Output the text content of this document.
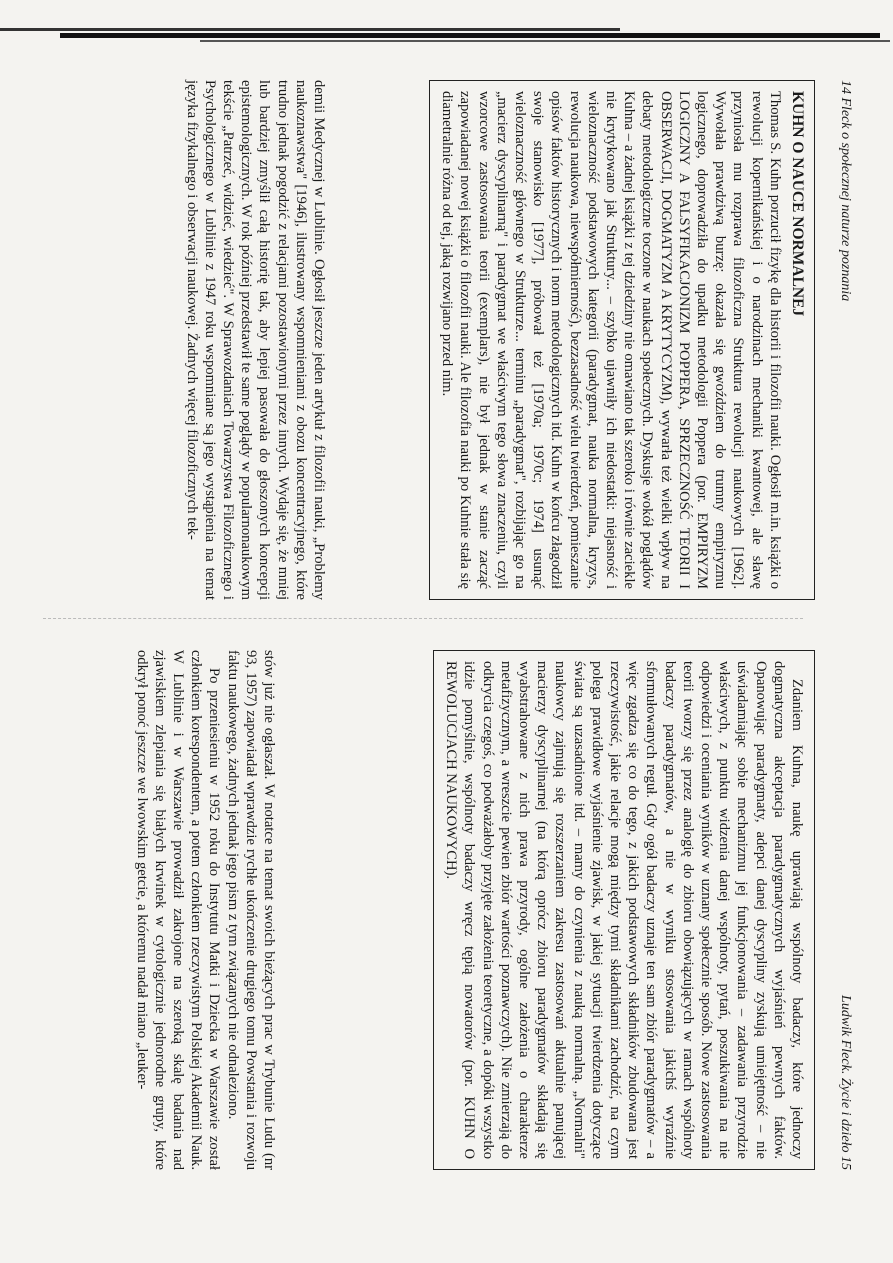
14 Fleck o społecznej naturze poznania
KUHN O NAUCE NORMALNEJ

Thomas S. Kuhn porzucił fizykę dla historii i filozofii nauki. Ogłosił m.in. książki o rewolucji kopernikańskiej i o narodzinach mechaniki kwantowej, ale sławę przyniosła mu rozprawa filozoficzna Struktura rewolucji naukowych [1962]. Wywołała prawdziwą burzę: okazała się gwoździem do trumny empiryzmu logicznego, doprowadziła do upadku metodologii Poppera (por. EMPIRYZM LOGICZNY A FALSYFIKACJONIZM POPPERA, SPRZECZNOŚĆ TEORII I OBSERWACJI, DOGMATYZM A KRYTYCYZM), wywarła też wielki wpływ na debaty metodologiczne toczone w naukach społecznych. Dyskusje wokół poglądów Kuhna – a żadnej książki z tej dziedziny nie omawiano tak szeroko i równie zaciekle nie krytykowano jak Struktury... – szybko ujawniły ich niedostatki: niejasność i wieloznaczność podstawowych kategorii (paradygmat, nauka normalna, kryzys, rewolucja naukowa, niewspółmierność), bezzasadność wielu twierdzeń, pomieszanie opisów faktów historycznych i norm metodologicznych itd. Kuhn w końcu złagodził swoje stanowisko [1977], próbował też [1970a; 1970c; 1974] usunąć wieloznaczność głównego w Strukturze... terminu „paradygmat", rozbijając go na „macierz dyscyplinarną" i paradygmat we właściwym tego słowa znaczeniu, czyli wzorcowe zastosowania teorii (exemplars), nie był jednak w stanie zacząć zapowiadanej nowej książki o filozofii nauki. Ale filozofia nauki po Kuhnie stała się diametralnie różna od tej, jaką rozwijano przed nim.

demii Medycznej w Lublinie. Ogłosił jeszcze jeden artykuł z filozofii nauki, „Problemy naukoznawstwa" [1946], ilustrowany wspomnieniami z obozu koncentracyjnego, które trudno jednak pogodzić z relacjami pozostawionymi przez innych. Wydaje się, że mniej lub bardziej zmyślił całą historię tak, aby lepiej pasowała do głoszonych koncepcji epistemologicznych. W rok później przedstawił te same poglądy w popularnonaukowym tekście „Patrzeć, widzieć, wiedzieć". W Sprawozdaniach Towarzystwa Filozoficznego i Psychologicznego w Lublinie z 1947 roku wspomniane są jego wystąpienia na temat języka fizykalnego i obserwacji naukowej. Żadnych więcej filozoficznych tek-

Ludwik Fleck. Życie i dzieło 15

Zdaniem Kuhna, naukę uprawiają wspólnoty badaczy, które jednoczy dogmatyczna akceptacja paradygmatycznych wyjaśnień pewnych faktów. Opanowując paradygmaty, adepci danej dyscypliny zyskują umiejętność – nie uświadamiając sobie mechanizmu jej funkcjonowania – zadawania przyrodzie właściwych, z punktu widzenia danej wspólnoty, pytań, poszukiwania na nie odpowiedzi i oceniania wyników w uznany społecznie sposób. Nowe zastosowania teorii tworzy się przez analogię do zbioru obowiązujących w ramach wspólnoty badaczy paradygmatów, a nie w wyniku stosowania jakichś wyraźnie sformułowanych reguł. Gdy ogół badaczy uznaje ten sam zbiór paradygmatów – a więc zgadza się co do tego, z jakich podstawowych składników zbudowana jest rzeczywistość, jakie relacje mogą między tymi składnikami zachodzić, na czym polega prawidłowe wyjaśnienie zjawisk, w jakiej sytuacji twierdzenia dotyczące świata są uzasadnione itd. – mamy do czynienia z nauką normalną. „Normalni" naukowcy zajmują się rozszerzaniem zakresu zastosowań aktualnie panującej macierzy dyscyplinarnej (na którą oprócz zbioru paradygmatów składają się wyabstrahowane z nich prawa przyrody, ogólne założenia o charakterze metafizycznym, a wreszcie pewien zbiór wartości poznawczych). Nie zmierzają do odkrycia czegoś, co podważałoby przyjęte założenia teoretyczne, a dopóki wszystko idzie pomyślnie, wspólnoty badaczy wręcz tępią nowatorów (por. KUHN O REWOLUCJACH NAUKOWYCH).

stów już nie ogłaszał. W notatce na temat swoich bieżących prac w Trybunie Ludu (nr 93, 1957) zapowiadał wprawdzie rychłe ukończenie drugiego tomu Powstania i rozwoju faktu naukowego, żadnych jednak jego pism z tym związanych nie odnaleziono.

Po przeniesieniu w 1952 roku do Instytutu Matki i Dziecka w Warszawie został członkiem korespondentem, a potem członkiem rzeczywistym Polskiej Akademii Nauk. W Lublinie i w Warszawie prowadził zakrojone na szeroką skalę badania nad zjawiskiem zlepiania się białych krwinek w cytologicznie jednorodne grupy, które odkrył ponoć jeszcze we lwowskim getcie, a któremu nadał miano „leuker-
